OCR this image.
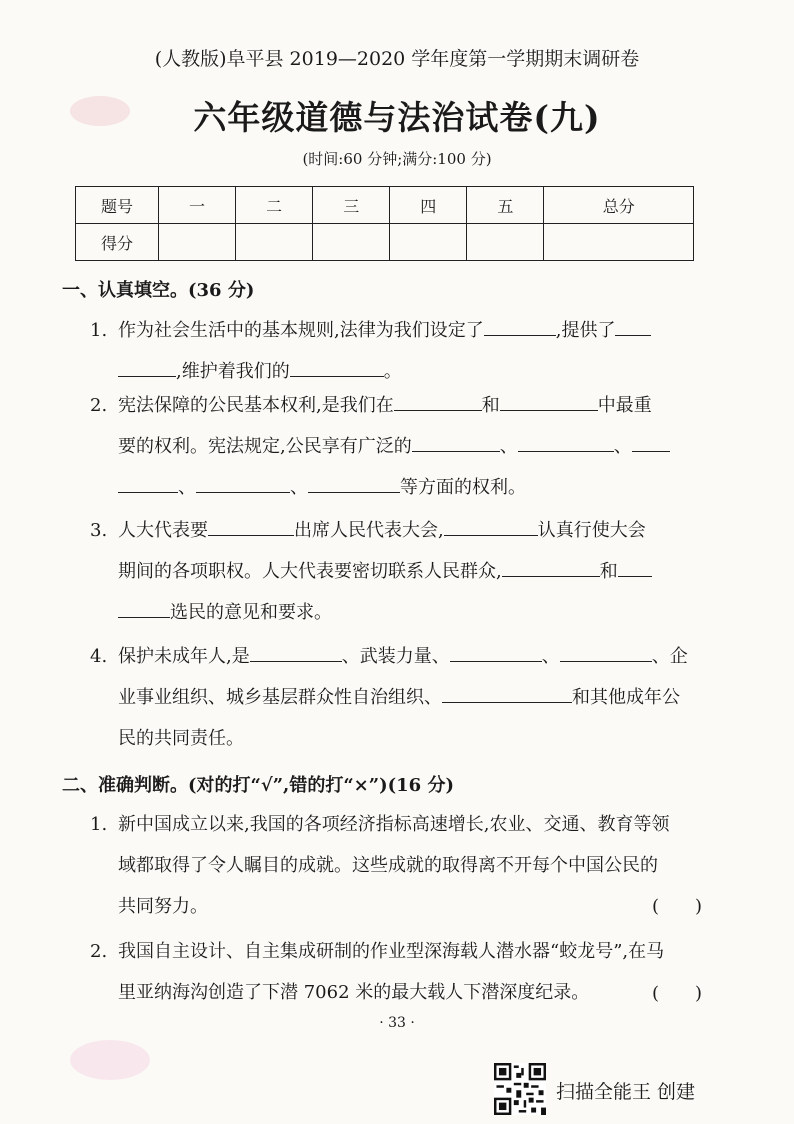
(人教版)阜平县 2019—2020 学年度第一学期期末调研卷
六年级道德与法治试卷(九)
(时间:60 分钟;满分:100 分)
题号	一	二	三	四	五	总分
得分						
一、认真填空。(36 分)
1. 作为社会生活中的基本规则,法律为我们设定了	,提供了
,维护着我们的	。
2. 宪法保障的公民基本权利,是我们在	和	中最重
要的权利。宪法规定,公民享有广泛的	、	、
、	、	等方面的权利。
3. 人大代表要	出席人民代表大会,	认真行使大会
期间的各项职权。人大代表要密切联系人民群众,	和
选民的意见和要求。
4. 保护未成年人,是	、武装力量、	、	、企
业事业组织、城乡基层群众性自治组织、	和其他成年公
民的共同责任。
二、准确判断。(对的打“√”,错的打“×”)(16 分)
1. 新中国成立以来,我国的各项经济指标高速增长,农业、交通、教育等领
域都取得了令人瞩目的成就。这些成就的取得离不开每个中国公民的
共同努力。	(　　)
2. 我国自主设计、自主集成研制的作业型深海载人潜水器“蛟龙号”,在马
里亚纳海沟创造了下潜 7062 米的最大载人下潜深度纪录。	(　　)
· 33 ·
扫描全能王 创建
